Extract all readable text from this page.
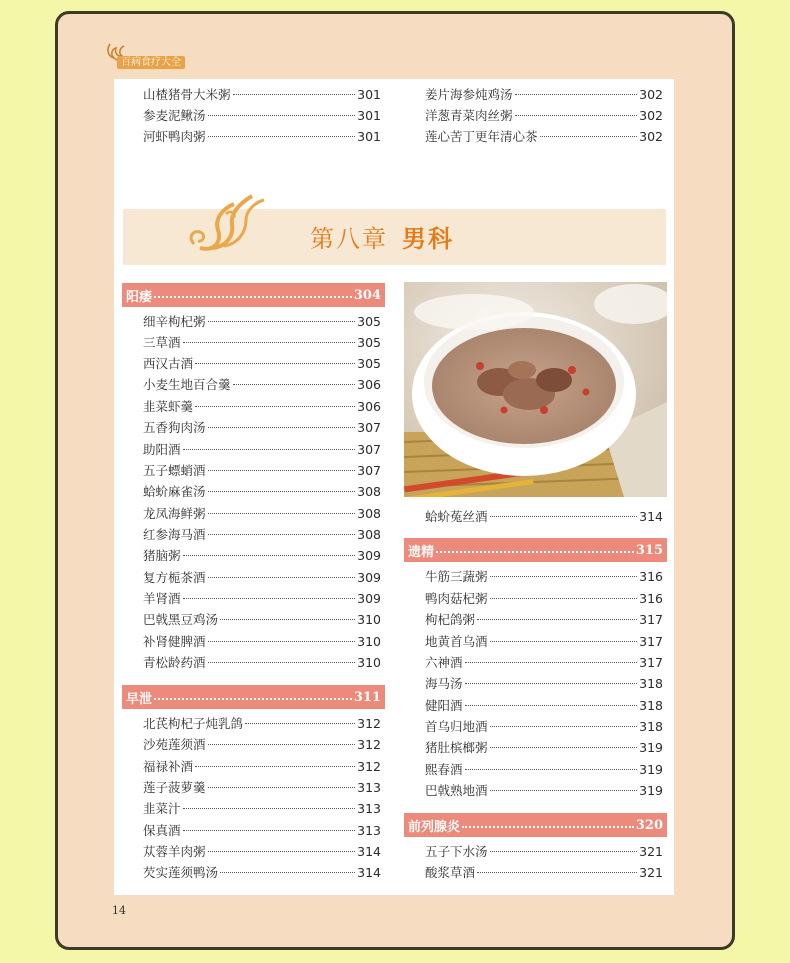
百病食疗大全
山楂猪骨大米粥	301
参麦泥鳅汤	301
河虾鸭肉粥	301
姜片海参炖鸡汤	302
洋葱青菜肉丝粥	302
莲心苦丁更年清心茶	302
第八章 男科
阳痿	304
细辛枸杞粥	305
三草酒	305
西汉古酒	305
小麦生地百合羹	306
韭菜虾羹	306
五香狗肉汤	307
助阳酒	307
五子螵蛸酒	307
蛤蚧麻雀汤	308
龙凤海鲜粥	308
红参海马酒	308
猪脑粥	309
复方栀茶酒	309
羊肾酒	309
巴戟黑豆鸡汤	310
补肾健脾酒	310
青松龄药酒	310
早泄	311
北芪枸杞子炖乳鸽	312
沙苑莲须酒	312
福禄补酒	312
莲子菠萝羹	313
韭菜汁	313
保真酒	313
苁蓉羊肉粥	314
芡实莲须鸭汤	314
蛤蚧菟丝酒	314
遗精	315
牛筋三蔬粥	316
鸭肉菇杞粥	316
枸杞鸽粥	317
地黄首乌酒	317
六神酒	317
海马汤	318
健阳酒	318
首乌归地酒	318
猪肚槟榔粥	319
熙春酒	319
巴戟熟地酒	319
前列腺炎	320
五子下水汤	321
酸浆草酒	321
14
